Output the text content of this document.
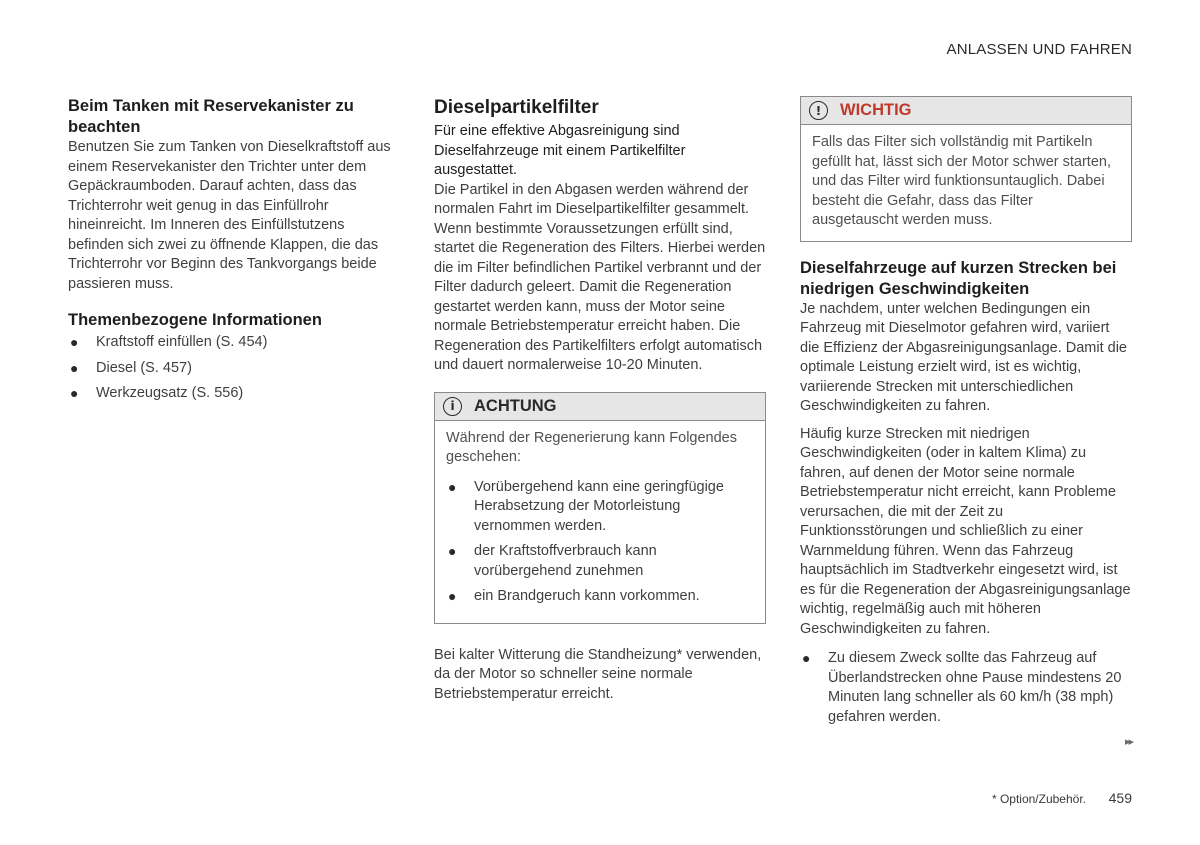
ANLASSEN UND FAHREN
Beim Tanken mit Reservekanister zu beachten

Benutzen Sie zum Tanken von Dieselkraftstoff aus einem Reservekanister den Trichter unter dem Gepäckraumboden. Darauf achten, dass das Trichterrohr weit genug in das Einfüllrohr hineinreicht. Im Inneren des Einfüllstutzens befinden sich zwei zu öffnende Klappen, die das Trichterrohr vor Beginn des Tankvorgangs beide passieren muss.

Themenbezogene Informationen
● Kraftstoff einfüllen (S. 454)
● Diesel (S. 457)
● Werkzeugsatz (S. 556)
Dieselpartikelfilter

Für eine effektive Abgasreinigung sind Dieselfahrzeuge mit einem Partikelfilter ausgestattet.

Die Partikel in den Abgasen werden während der normalen Fahrt im Dieselpartikelfilter gesammelt. Wenn bestimmte Voraussetzungen erfüllt sind, startet die Regeneration des Filters. Hierbei werden die im Filter befindlichen Partikel verbrannt und der Filter dadurch geleert. Damit die Regeneration gestartet werden kann, muss der Motor seine normale Betriebstemperatur erreicht haben. Die Regeneration des Partikelfilters erfolgt automatisch und dauert normalerweise 10-20 Minuten.

i	ACHTUNG

Während der Regenerierung kann Folgendes geschehen:

● Vorübergehend kann eine geringfügige Herabsetzung der Motorleistung vernommen werden.
● der Kraftstoffverbrauch kann vorübergehend zunehmen
● ein Brandgeruch kann vorkommen.

Bei kalter Witterung die Standheizung* verwenden, da der Motor so schneller seine normale Betriebstemperatur erreicht.

!	WICHTIG

Falls das Filter sich vollständig mit Partikeln gefüllt hat, lässt sich der Motor schwer starten, und das Filter wird funktionsuntauglich. Dabei besteht die Gefahr, dass das Filter ausgetauscht werden muss.

Dieselfahrzeuge auf kurzen Strecken bei niedrigen Geschwindigkeiten

Je nachdem, unter welchen Bedingungen ein Fahrzeug mit Dieselmotor gefahren wird, variiert die Effizienz der Abgasreinigungsanlage. Damit die optimale Leistung erzielt wird, ist es wichtig, variierende Strecken mit unterschiedlichen Geschwindigkeiten zu fahren.

Häufig kurze Strecken mit niedrigen Geschwindigkeiten (oder in kaltem Klima) zu fahren, auf denen der Motor seine normale Betriebstemperatur nicht erreicht, kann Probleme verursachen, die mit der Zeit zu Funktionsstörungen und schließlich zu einer Warnmeldung führen. Wenn das Fahrzeug hauptsächlich im Stadtverkehr eingesetzt wird, ist es für die Regeneration der Abgasreinigungsanlage wichtig, regelmäßig auch mit höheren Geschwindigkeiten zu fahren.

● Zu diesem Zweck sollte das Fahrzeug auf Überlandstrecken ohne Pause mindestens 20 Minuten lang schneller als 60 km/h (38 mph) gefahren werden.
▸▸
* Option/Zubehör. 459
